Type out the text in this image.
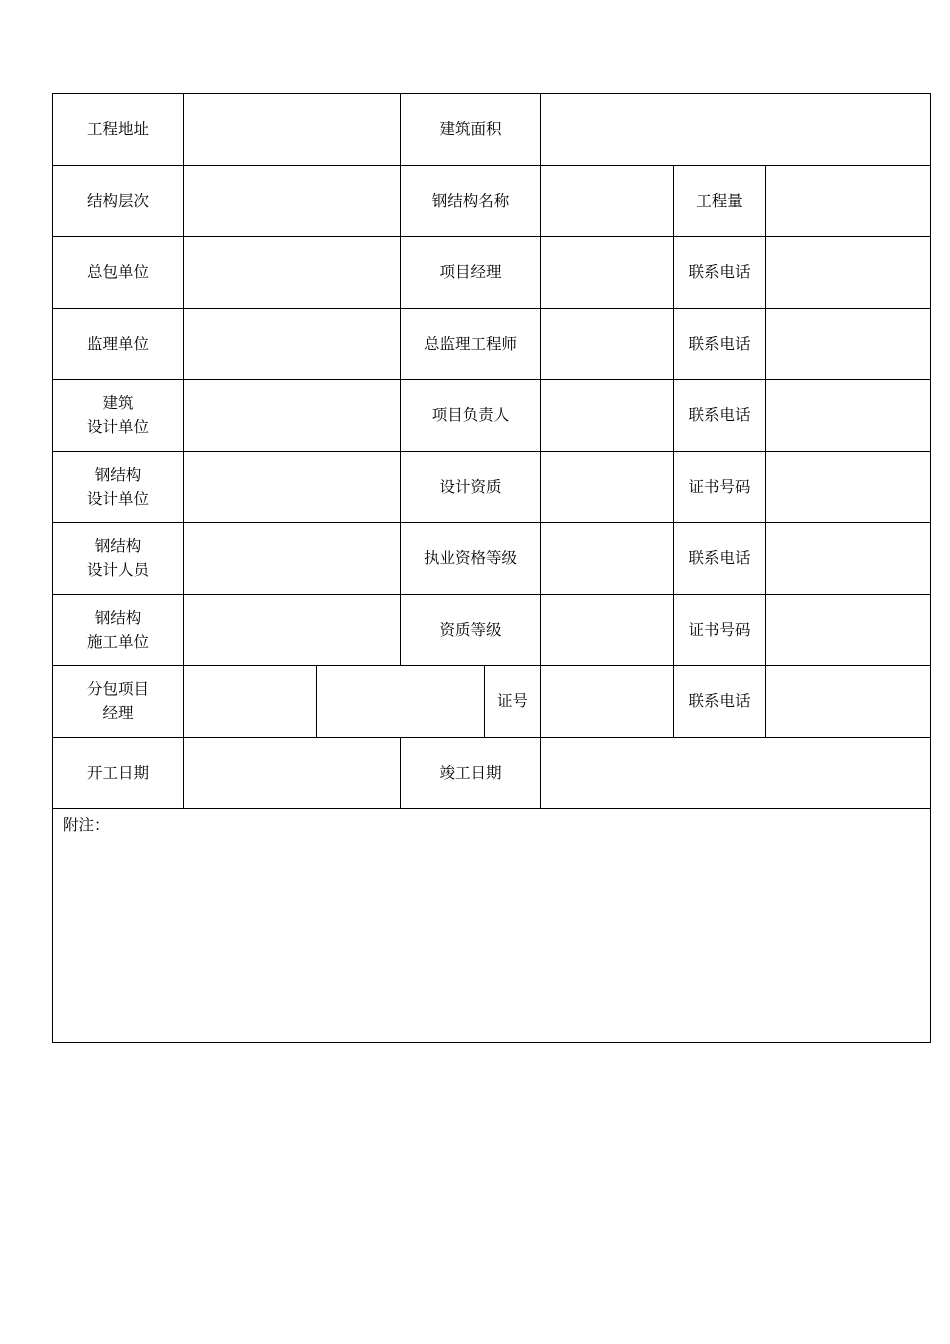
工程地址			建筑面积				
结构层次			钢结构名称			工程量	
总包单位			项目经理			联系电话	
监理单位			总监理工程师			联系电话	
建筑
设计单位			项目负责人			联系电话	
钢结构
设计单位			设计资质			证书号码	
钢结构
设计人员			执业资格等级			联系电话	
钢结构
施工单位			资质等级			证书号码	
分包项目
经理				证号		联系电话	
开工日期			竣工日期				
附注：							
